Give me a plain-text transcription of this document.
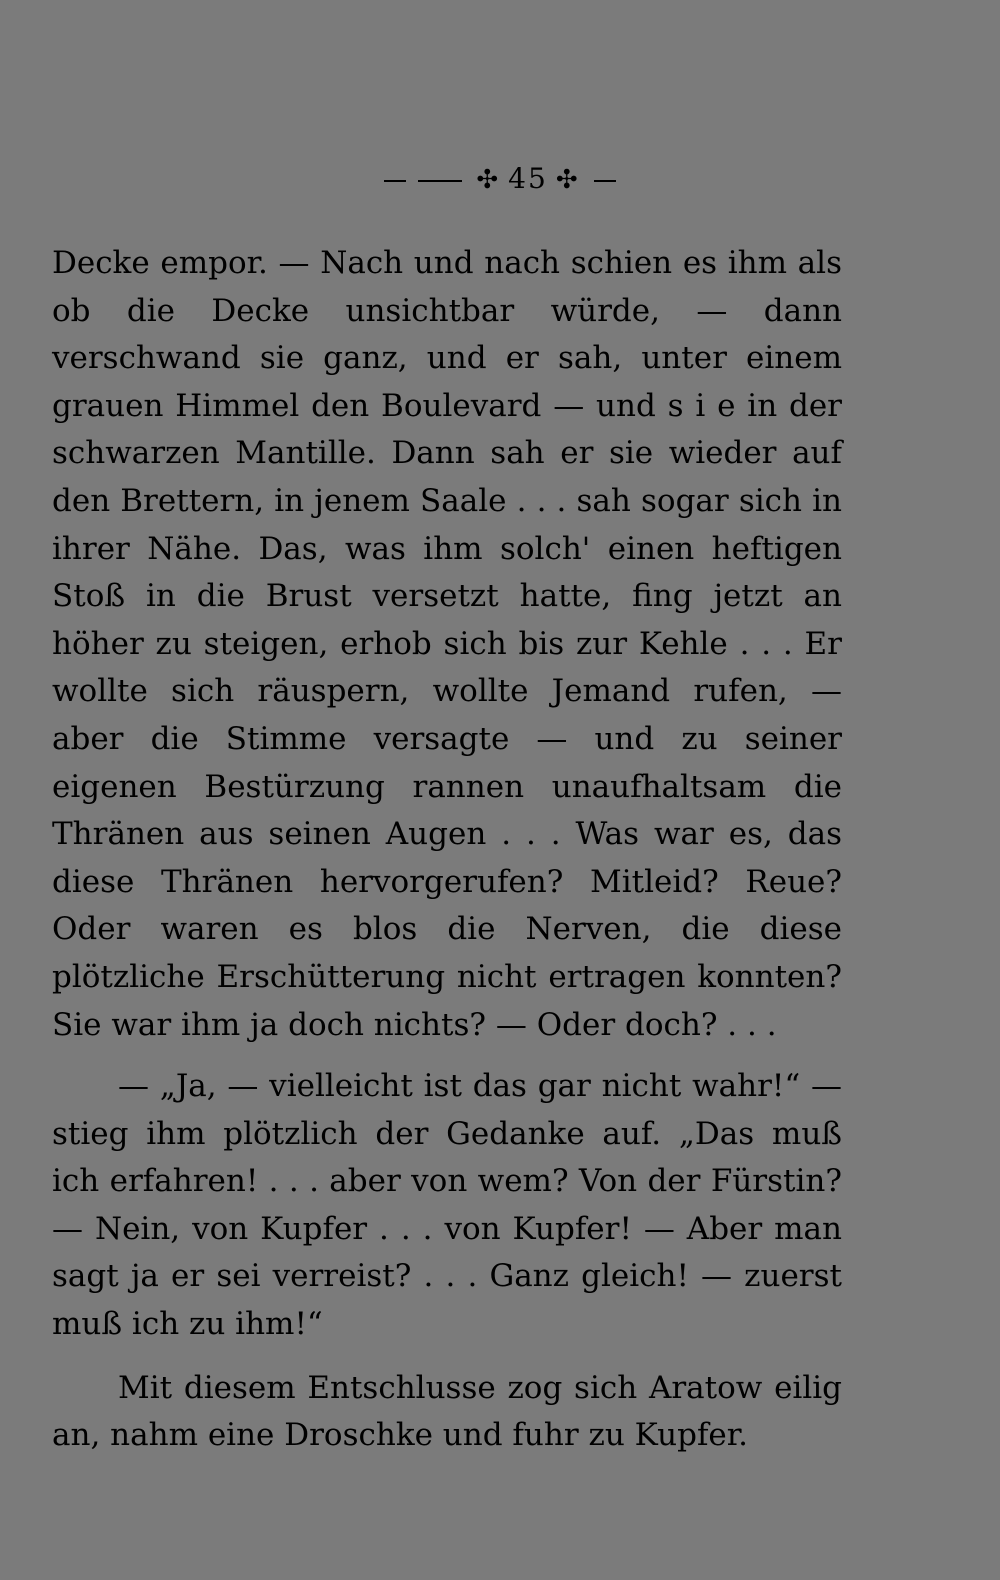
✣ 45 ✣

Decke empor. — Nach und nach schien es ihm als ob die Decke unsichtbar würde, — dann verschwand sie ganz, und er sah, unter einem grauen Himmel den Boulevard — und s i e in der schwarzen Mantille. Dann sah er sie wieder auf den Brettern, in jenem Saale . . . sah sogar sich in ihrer Nähe. Das, was ihm solch' einen heftigen Stoß in die Brust versetzt hatte, fing jetzt an höher zu steigen, erhob sich bis zur Kehle . . . Er wollte sich räuspern, wollte Jemand rufen, — aber die Stimme versagte — und zu seiner eigenen Bestürzung rannen unaufhaltsam die Thränen aus seinen Augen . . . Was war es, das diese Thränen hervorgerufen? Mitleid? Reue? Oder waren es blos die Nerven, die diese plötzliche Erschütterung nicht ertragen konnten? Sie war ihm ja doch nichts? — Oder doch? . . .

— „Ja, — vielleicht ist das gar nicht wahr!“ — stieg ihm plötzlich der Gedanke auf. „Das muß ich erfahren! . . . aber von wem? Von der Fürstin? — Nein, von Kupfer . . . von Kupfer! — Aber man sagt ja er sei verreist? . . . Ganz gleich! — zuerst muß ich zu ihm!“

Mit diesem Entschlusse zog sich Aratow eilig an, nahm eine Droschke und fuhr zu Kupfer.
